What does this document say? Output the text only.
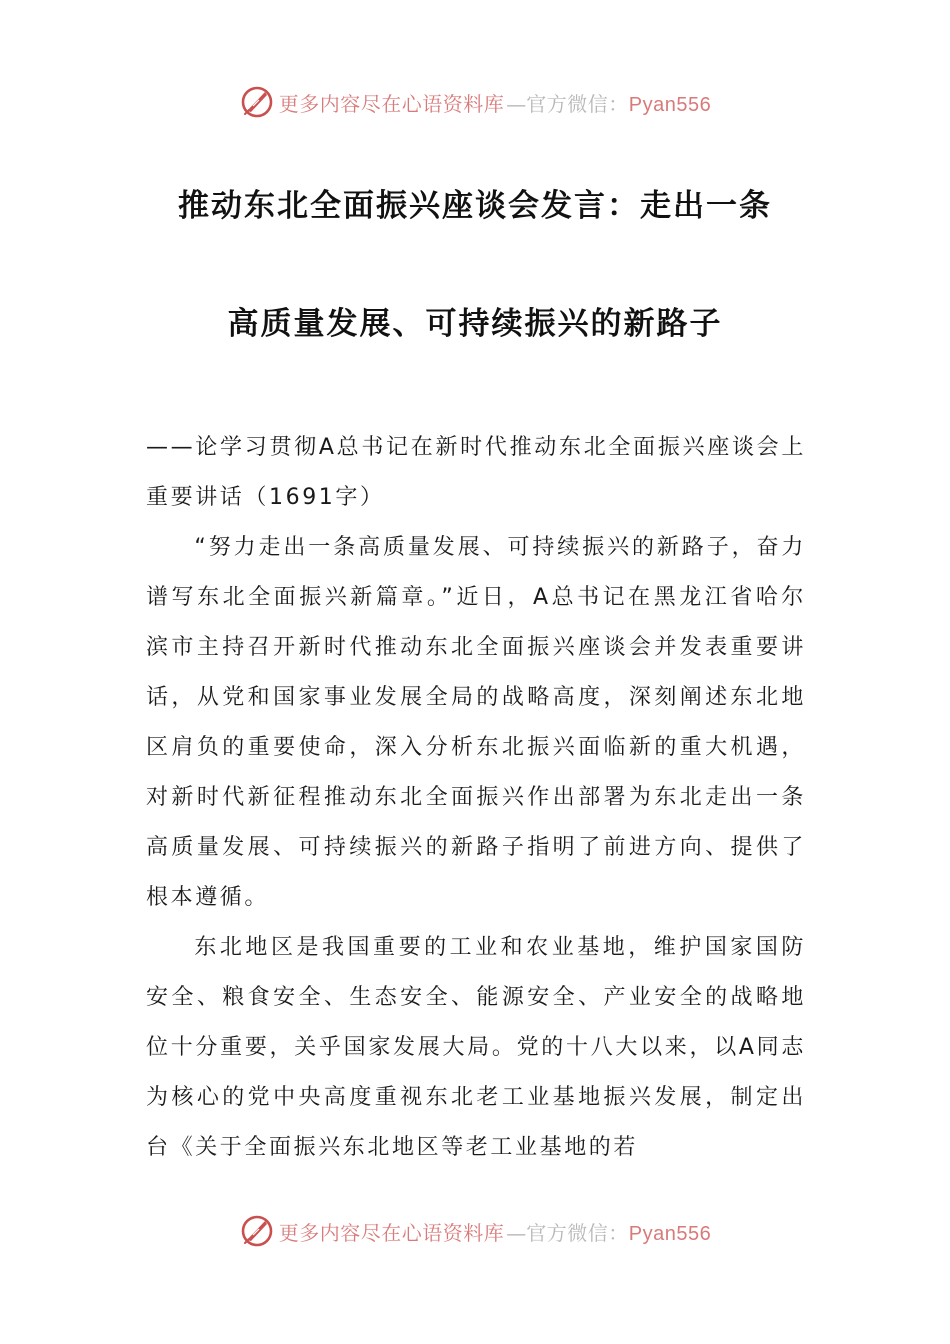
更多内容尽在心语资料库 — 官方微信：Pyan556
推动东北全面振兴座谈会发言：走出一条
高质量发展、可持续振兴的新路子

——论学习贯彻A总书记在新时代推动东北全面振兴座谈会上重要讲话（1691字）

“努力走出一条高质量发展、可持续振兴的新路子，奋力谱写东北全面振兴新篇章。”近日，A总书记在黑龙江省哈尔滨市主持召开新时代推动东北全面振兴座谈会并发表重要讲话，从党和国家事业发展全局的战略高度，深刻阐述东北地区肩负的重要使命，深入分析东北振兴面临新的重大机遇，对新时代新征程推动东北全面振兴作出部署为东北走出一条高质量发展、可持续振兴的新路子指明了前进方向、提供了根本遵循。

东北地区是我国重要的工业和农业基地，维护国家国防安全、粮食安全、生态安全、能源安全、产业安全的战略地位十分重要，关乎国家发展大局。党的十八大以来，以A同志为核心的党中央高度重视东北老工业基地振兴发展，制定出台《关于全面振兴东北地区等老工业基地的若

更多内容尽在心语资料库 — 官方微信：Pyan556
